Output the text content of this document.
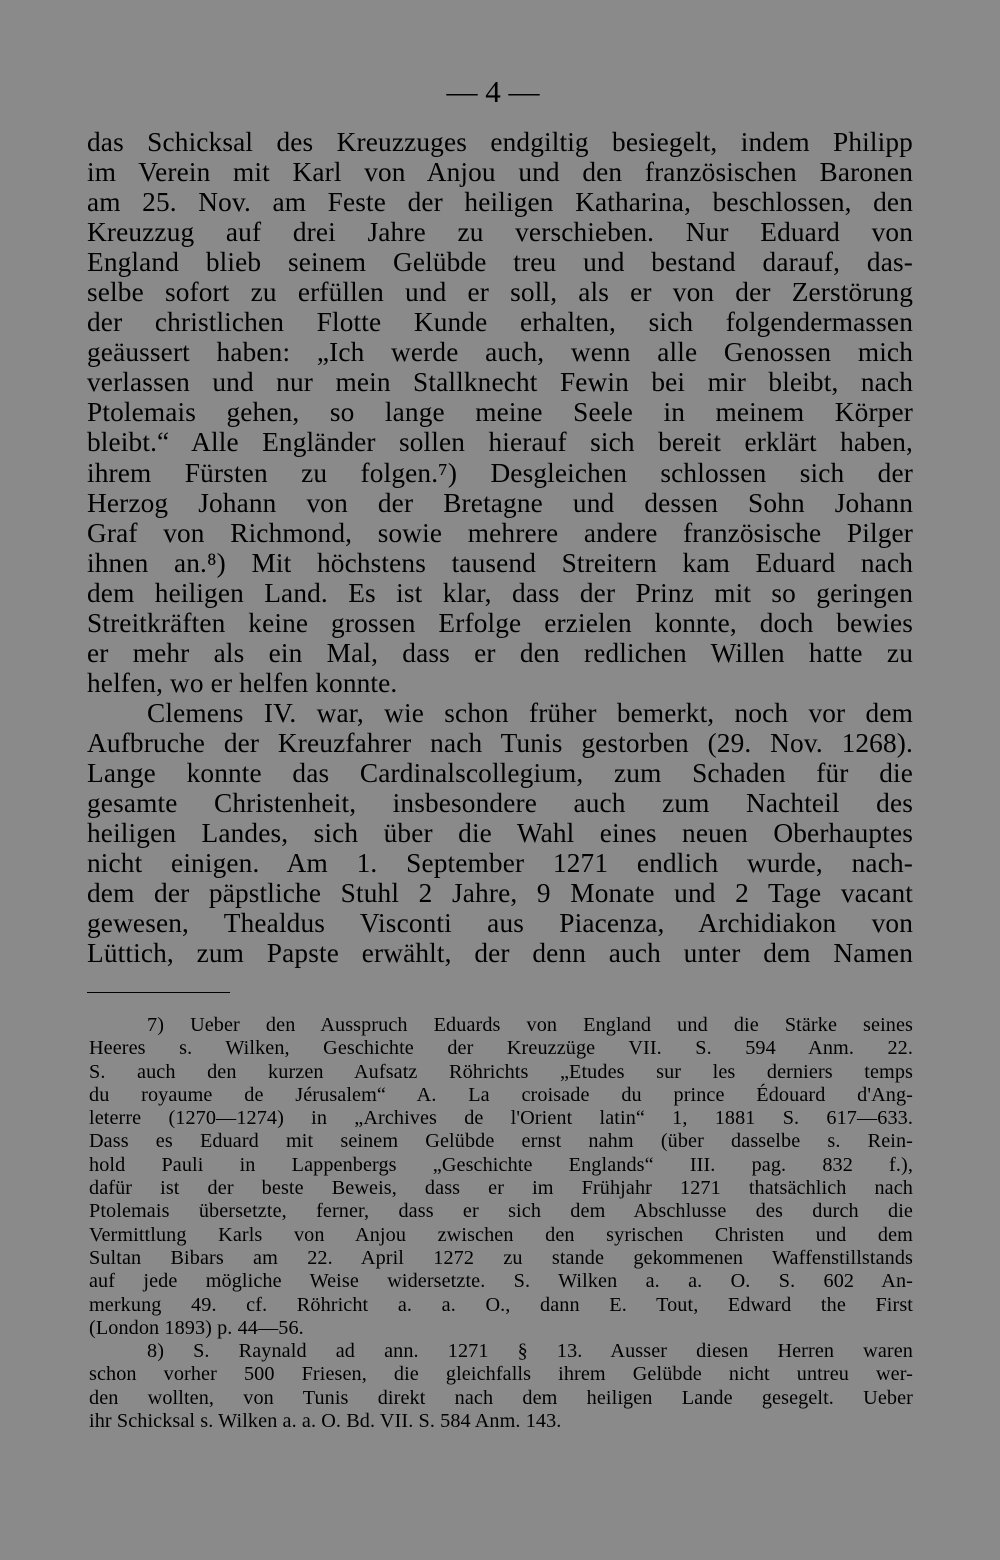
— 4 —
das Schicksal des Kreuzzuges endgiltig besiegelt, indem Philipp
im Verein mit Karl von Anjou und den französischen Baronen
am 25. Nov. am Feste der heiligen Katharina, beschlossen, den
Kreuzzug auf drei Jahre zu verschieben. Nur Eduard von
England blieb seinem Gelübde treu und bestand darauf, das-
selbe sofort zu erfüllen und er soll, als er von der Zerstörung
der christlichen Flotte Kunde erhalten, sich folgendermassen
geäussert haben: „Ich werde auch, wenn alle Genossen mich
verlassen und nur mein Stallknecht Fewin bei mir bleibt, nach
Ptolemais gehen, so lange meine Seele in meinem Körper
bleibt.“ Alle Engländer sollen hierauf sich bereit erklärt haben,
ihrem Fürsten zu folgen.⁷) Desgleichen schlossen sich der
Herzog Johann von der Bretagne und dessen Sohn Johann
Graf von Richmond, sowie mehrere andere französische Pilger
ihnen an.⁸) Mit höchstens tausend Streitern kam Eduard nach
dem heiligen Land. Es ist klar, dass der Prinz mit so geringen
Streitkräften keine grossen Erfolge erzielen konnte, doch bewies
er mehr als ein Mal, dass er den redlichen Willen hatte zu
helfen, wo er helfen konnte.
Clemens IV. war, wie schon früher bemerkt, noch vor dem
Aufbruche der Kreuzfahrer nach Tunis gestorben (29. Nov. 1268).
Lange konnte das Cardinalscollegium, zum Schaden für die
gesamte Christenheit, insbesondere auch zum Nachteil des
heiligen Landes, sich über die Wahl eines neuen Oberhauptes
nicht einigen. Am 1. September 1271 endlich wurde, nach-
dem der päpstliche Stuhl 2 Jahre, 9 Monate und 2 Tage vacant
gewesen, Thealdus Visconti aus Piacenza, Archidiakon von
Lüttich, zum Papste erwählt, der denn auch unter dem Namen
7) Ueber den Ausspruch Eduards von England und die Stärke seines
Heeres s. Wilken, Geschichte der Kreuzzüge VII. S. 594 Anm. 22.
S. auch den kurzen Aufsatz Röhrichts „Etudes sur les derniers temps
du royaume de Jérusalem“ A. La croisade du prince Édouard d'Ang-
leterre (1270—1274) in „Archives de l'Orient latin“ 1, 1881 S. 617—633.
Dass es Eduard mit seinem Gelübde ernst nahm (über dasselbe s. Rein-
hold Pauli in Lappenbergs „Geschichte Englands“ III. pag. 832 f.),
dafür ist der beste Beweis, dass er im Frühjahr 1271 thatsächlich nach
Ptolemais übersetzte, ferner, dass er sich dem Abschlusse des durch die
Vermittlung Karls von Anjou zwischen den syrischen Christen und dem
Sultan Bibars am 22. April 1272 zu stande gekommenen Waffenstillstands
auf jede mögliche Weise widersetzte. S. Wilken a. a. O. S. 602 An-
merkung 49. cf. Röhricht a. a. O., dann E. Tout, Edward the First
(London 1893) p. 44—56.
8) S. Raynald ad ann. 1271 § 13. Ausser diesen Herren waren
schon vorher 500 Friesen, die gleichfalls ihrem Gelübde nicht untreu wer-
den wollten, von Tunis direkt nach dem heiligen Lande gesegelt. Ueber
ihr Schicksal s. Wilken a. a. O. Bd. VII. S. 584 Anm. 143.
